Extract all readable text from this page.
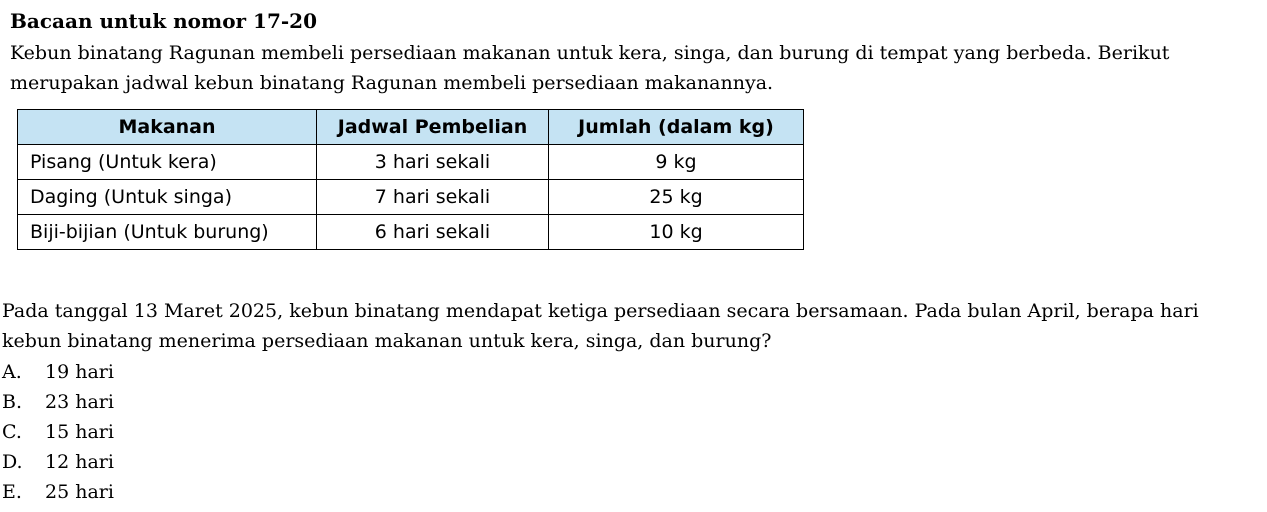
Bacaan untuk nomor 17-20
Kebun binatang Ragunan membeli persediaan makanan untuk kera, singa, dan burung di tempat yang berbeda. Berikut
merupakan jadwal kebun binatang Ragunan membeli persediaan makanannya.
Makanan	Jadwal Pembelian	Jumlah (dalam kg)
Pisang (Untuk kera)	3 hari sekali	9 kg
Daging (Untuk singa)	7 hari sekali	25 kg
Biji-bijian (Untuk burung)	6 hari sekali	10 kg
Pada tanggal 13 Maret 2025, kebun binatang mendapat ketiga persediaan secara bersamaan. Pada bulan April, berapa hari
kebun binatang menerima persediaan makanan untuk kera, singa, dan burung?
A. 19 hari
B. 23 hari
C. 15 hari
D. 12 hari
E. 25 hari
